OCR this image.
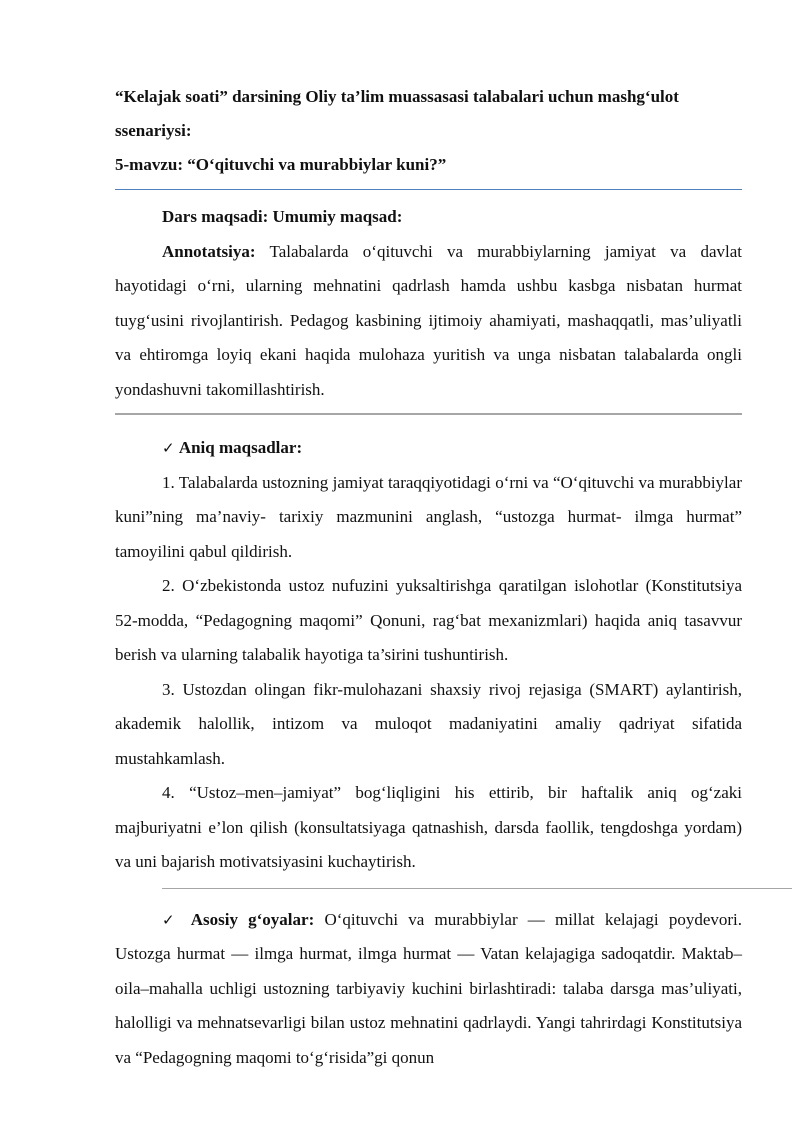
“Kelajak soati” darsining Oliy ta’lim muassasasi talabalari uchun mashg‘ulot
ssenariysi:
5-mavzu: “O‘qituvchi va murabbiylar kuni?”

Dars maqsadi: Umumiy maqsad:

Annotatsiya: Talabalarda o‘qituvchi va murabbiylarning jamiyat va davlat hayotidagi o‘rni, ularning mehnatini qadrlash hamda ushbu kasbga nisbatan hurmat tuyg‘usini rivojlantirish. Pedagog kasbining ijtimoiy ahamiyati, mashaqqatli, mas’uliyatli va ehtiromga loyiq ekani haqida mulohaza yuritish va unga nisbatan talabalarda ongli yondashuvni takomillashtirish.

✓ Aniq maqsadlar:

1. Talabalarda ustozning jamiyat taraqqiyotidagi o‘rni va “O‘qituvchi va murabbiylar kuni”ning ma’naviy- tarixiy mazmunini anglash, “ustozga hurmat- ilmga hurmat” tamoyilini qabul qildirish.

2. O‘zbekistonda ustoz nufuzini yuksaltirishga qaratilgan islohotlar (Konstitutsiya 52-modda, “Pedagogning maqomi” Qonuni, rag‘bat mexanizmlari) haqida aniq tasavvur berish va ularning talabalik hayotiga ta’sirini tushuntirish.

3. Ustozdan olingan fikr-mulohazani shaxsiy rivoj rejasiga (SMART) aylantirish, akademik halollik, intizom va muloqot madaniyatini amaliy qadriyat sifatida mustahkamlash.

4. “Ustoz–men–jamiyat” bog‘liqligini his ettirib, bir haftalik aniq og‘zaki majburiyatni e’lon qilish (konsultatsiyaga qatnashish, darsda faollik, tengdoshga yordam) va uni bajarish motivatsiyasini kuchaytirish.

✓ Asosiy g‘oyalar: O‘qituvchi va murabbiylar — millat kelajagi poydevori. Ustozga hurmat — ilmga hurmat, ilmga hurmat — Vatan kelajagiga sadoqatdir. Maktab–oila–mahalla uchligi ustozning tarbiyaviy kuchini birlashtiradi: talaba darsga mas’uliyati, halolligi va mehnatsevarligi bilan ustoz mehnatini qadrlaydi. Yangi tahrirdagi Konstitutsiya va “Pedagogning maqomi to‘g‘risida”gi qonun
